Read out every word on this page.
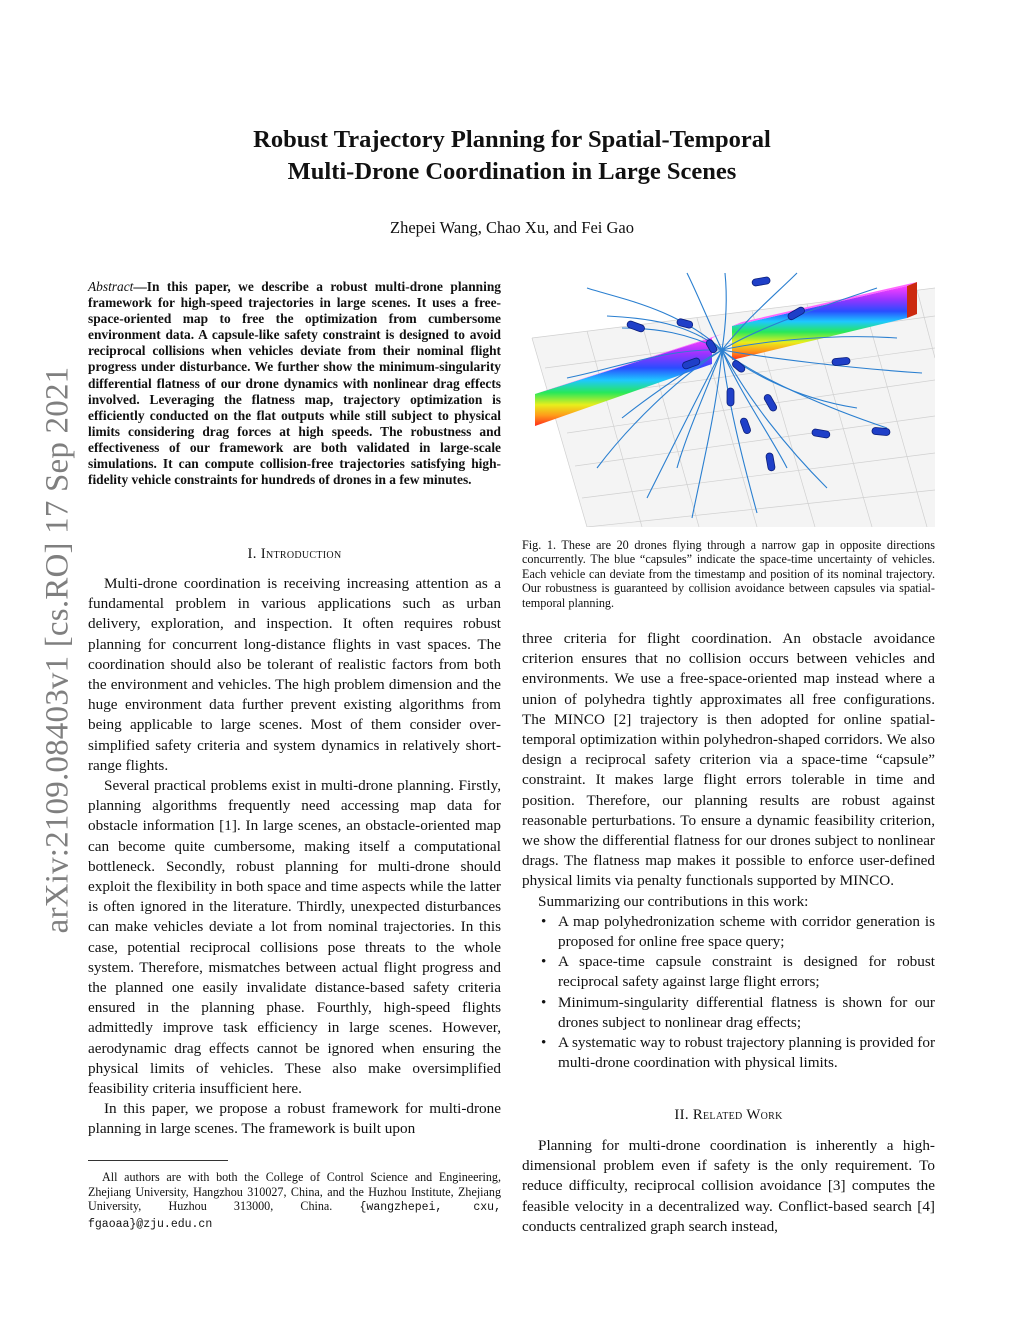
Robust Trajectory Planning for Spatial-Temporal
Multi-Drone Coordination in Large Scenes
Zhepei Wang, Chao Xu, and Fei Gao
arXiv:2109.08403v1 [cs.RO] 17 Sep 2021
Abstract—In this paper, we describe a robust multi-drone planning framework for high-speed trajectories in large scenes. It uses a free-space-oriented map to free the optimization from cumbersome environment data. A capsule-like safety constraint is designed to avoid reciprocal collisions when vehicles deviate from their nominal flight progress under disturbance. We further show the minimum-singularity differential flatness of our drone dynamics with nonlinear drag effects involved. Leveraging the flatness map, trajectory optimization is efficiently conducted on the flat outputs while still subject to physical limits considering drag forces at high speeds. The robustness and effectiveness of our framework are both validated in large-scale simulations. It can compute collision-free trajectories satisfying high-fidelity vehicle constraints for hundreds of drones in a few minutes.
I. Introduction

Multi-drone coordination is receiving increasing attention as a fundamental problem in various applications such as urban delivery, exploration, and inspection. It often requires robust planning for concurrent long-distance flights in vast spaces. The coordination should also be tolerant of realistic factors from both the environment and vehicles. The high problem dimension and the huge environment data further prevent existing algorithms from being applicable to large scenes. Most of them consider over-simplified safety criteria and system dynamics in relatively short-range flights.

Several practical problems exist in multi-drone planning. Firstly, planning algorithms frequently need accessing map data for obstacle information [1]. In large scenes, an obstacle-oriented map can become quite cumbersome, making itself a computational bottleneck. Secondly, robust planning for multi-drone should exploit the flexibility in both space and time aspects while the latter is often ignored in the literature. Thirdly, unexpected disturbances can make vehicles deviate a lot from nominal trajectories. In this case, potential reciprocal collisions pose threats to the whole system. Therefore, mismatches between actual flight progress and the planned one easily invalidate distance-based safety criteria ensured in the planning phase. Fourthly, high-speed flights admittedly improve task efficiency in large scenes. However, aerodynamic drag effects cannot be ignored when ensuring the physical limits of vehicles. These also make oversimplified feasibility criteria insufficient here.

In this paper, we propose a robust framework for multi-drone planning in large scenes. The framework is built upon

All authors are with both the College of Control Science and Engineering, Zhejiang University, Hangzhou 310027, China, and the Huzhou Institute, Zhejiang University, Huzhou 313000, China. {wangzhepei, cxu, fgaoaa}@zju.edu.cn
Fig. 1. These are 20 drones flying through a narrow gap in opposite directions concurrently. The blue “capsules” indicate the space-time uncertainty of vehicles. Each vehicle can deviate from the timestamp and position of its nominal trajectory. Our robustness is guaranteed by collision avoidance between capsules via spatial-temporal planning.

three criteria for flight coordination. An obstacle avoidance criterion ensures that no collision occurs between vehicles and environments. We use a free-space-oriented map instead where a union of polyhedra tightly approximates all free configurations. The MINCO [2] trajectory is then adopted for online spatial-temporal optimization within polyhedron-shaped corridors. We also design a reciprocal safety criterion via a space-time “capsule” constraint. It makes large flight errors tolerable in time and position. Therefore, our planning results are robust against reasonable perturbations. To ensure a dynamic feasibility criterion, we show the differential flatness for our drones subject to nonlinear drags. The flatness map makes it possible to enforce user-defined physical limits via penalty functionals supported by MINCO.

Summarizing our contributions in this work:

• A map polyhedronization scheme with corridor generation is proposed for online free space query;
• A space-time capsule constraint is designed for robust reciprocal safety against large flight errors;
• Minimum-singularity differential flatness is shown for our drones subject to nonlinear drag effects;
• A systematic way to robust trajectory planning is provided for multi-drone coordination with physical limits.
II. Related Work

Planning for multi-drone coordination is inherently a high-dimensional problem even if safety is the only requirement. To reduce difficulty, reciprocal collision avoidance [3] computes the feasible velocity in a decentralized way. Conflict-based search [4] conducts centralized graph search instead,
